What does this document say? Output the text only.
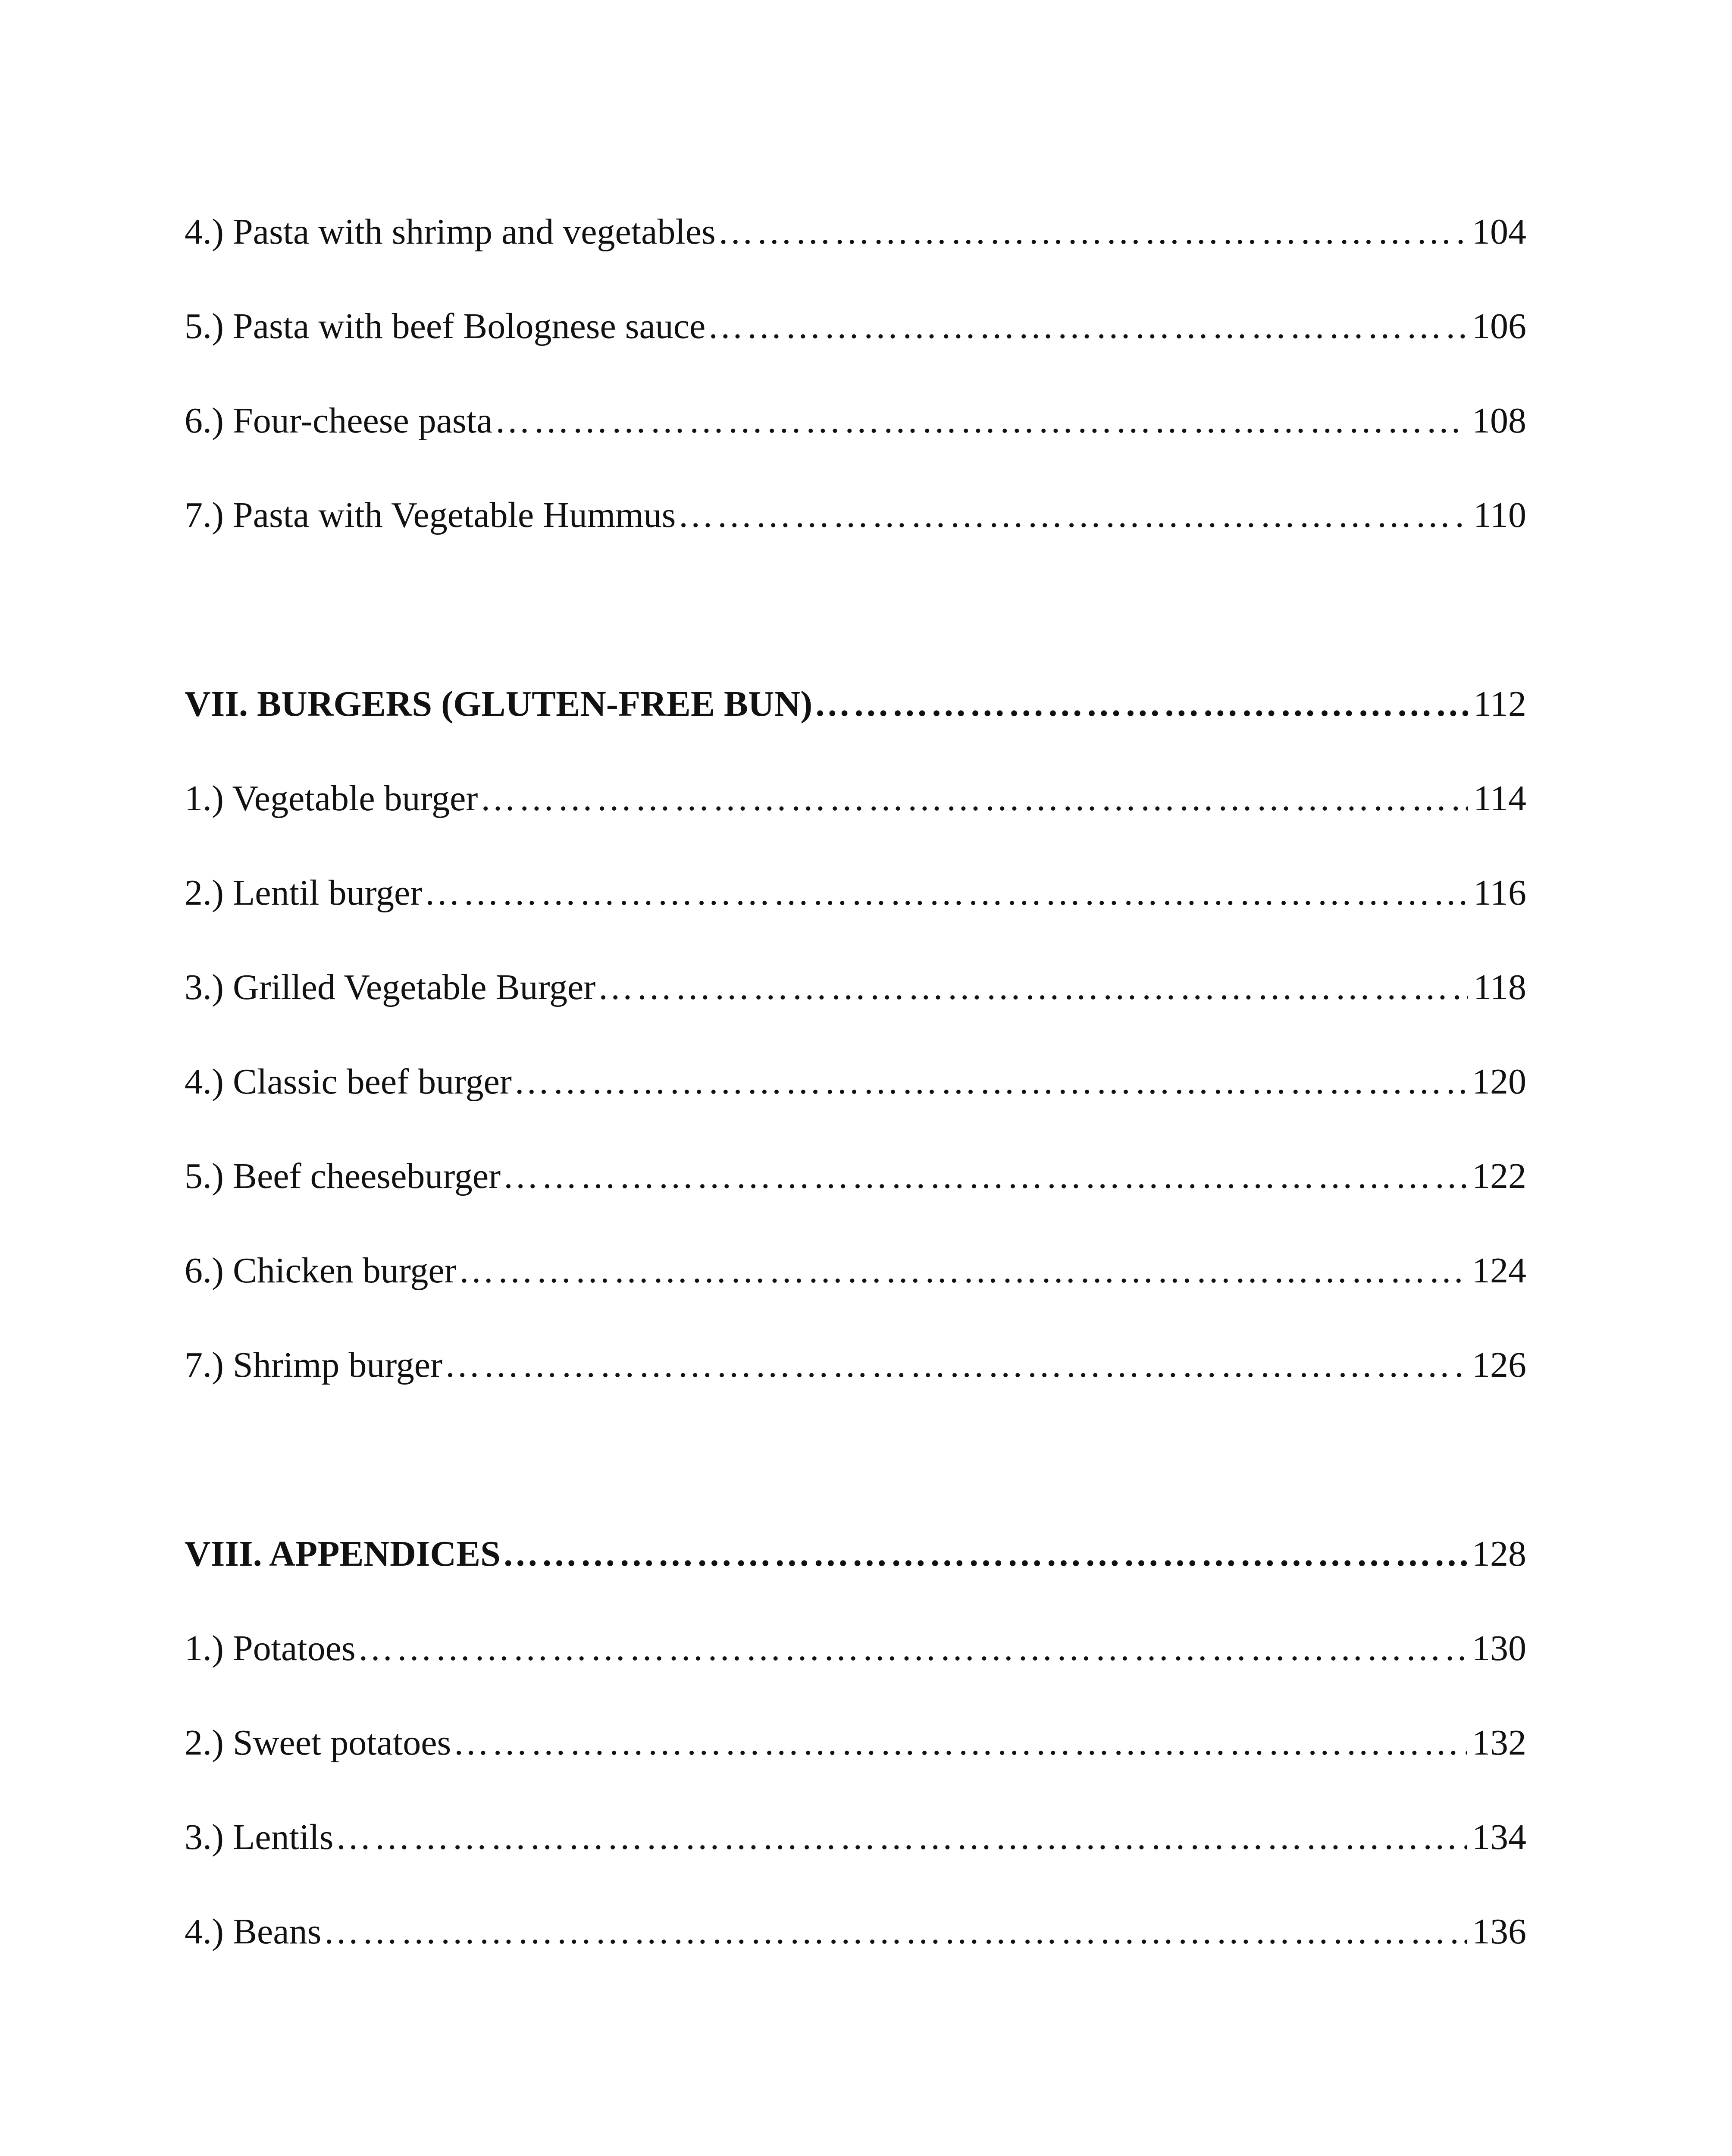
4.) Pasta with shrimp and vegetables ……………………………………………………………………………………………………………………………………………………………………………………………………………………………………	104
5.) Pasta with beef Bolognese sauce ……………………………………………………………………………………………………………………………………………………………………………………………………………………………………	106
6.) Four-cheese pasta ……………………………………………………………………………………………………………………………………………………………………………………………………………………………………	108
7.) Pasta with Vegetable Hummus ……………………………………………………………………………………………………………………………………………………………………………………………………………………………………	110
VII. BURGERS (GLUTEN-FREE BUN) ……………………………………………………………………………………………………………………………………………………………………………………………………………………………………	112
1.) Vegetable burger ……………………………………………………………………………………………………………………………………………………………………………………………………………………………………	114
2.) Lentil burger ……………………………………………………………………………………………………………………………………………………………………………………………………………………………………	116
3.) Grilled Vegetable Burger ……………………………………………………………………………………………………………………………………………………………………………………………………………………………………	118
4.) Classic beef burger ……………………………………………………………………………………………………………………………………………………………………………………………………………………………………	120
5.) Beef cheeseburger ……………………………………………………………………………………………………………………………………………………………………………………………………………………………………	122
6.) Chicken burger ……………………………………………………………………………………………………………………………………………………………………………………………………………………………………	124
7.) Shrimp burger ……………………………………………………………………………………………………………………………………………………………………………………………………………………………………	126
VIII. APPENDICES ……………………………………………………………………………………………………………………………………………………………………………………………………………………………………	128
1.) Potatoes ……………………………………………………………………………………………………………………………………………………………………………………………………………………………………	130
2.) Sweet potatoes ……………………………………………………………………………………………………………………………………………………………………………………………………………………………………	132
3.) Lentils ……………………………………………………………………………………………………………………………………………………………………………………………………………………………………	134
4.) Beans ……………………………………………………………………………………………………………………………………………………………………………………………………………………………………	136
